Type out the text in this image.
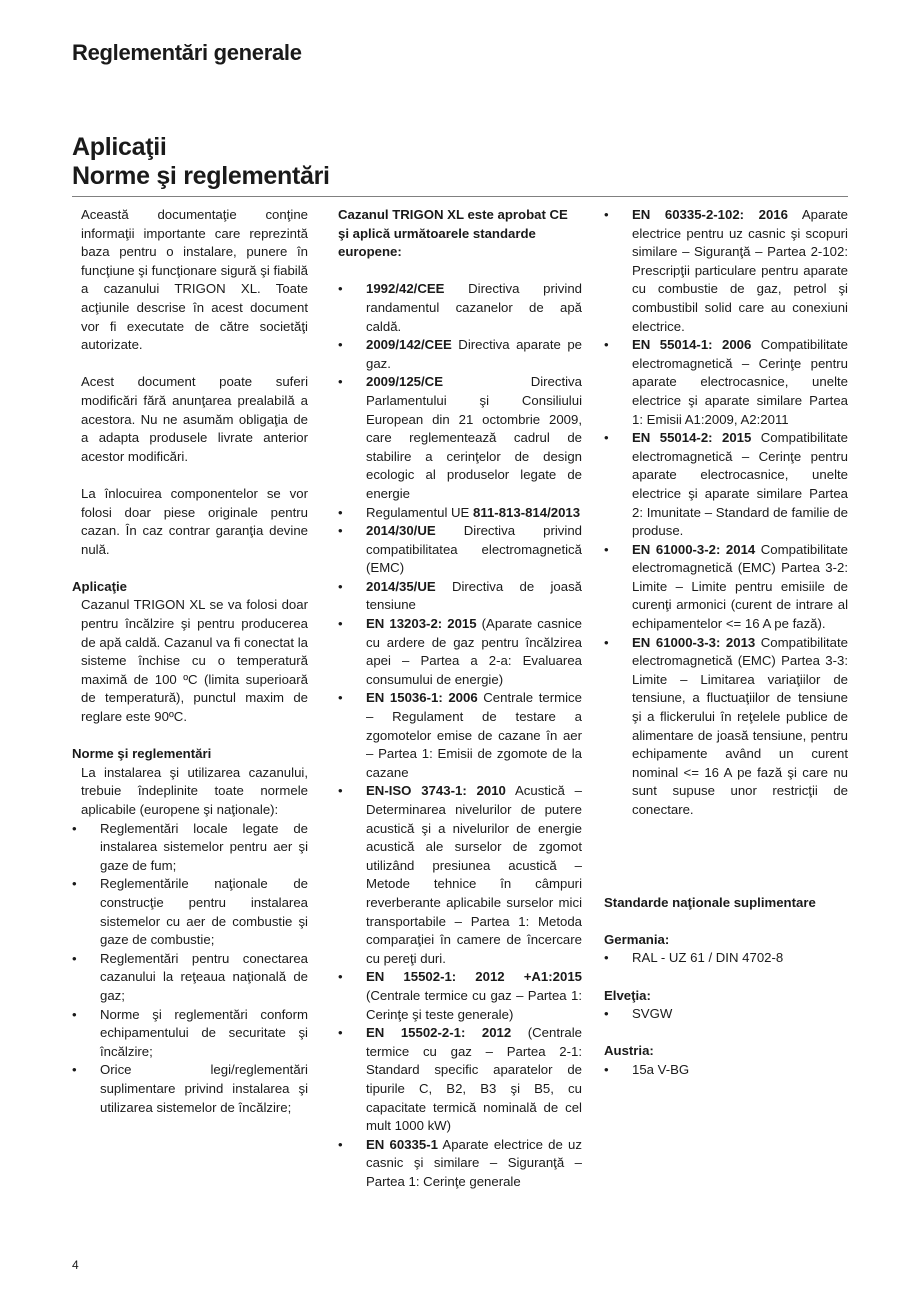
Reglementări generale
Aplicaţii
Norme şi reglementări

Această documentaţie conţine informaţii importante care reprezintă baza pentru o instalare, punere în funcţiune şi funcţionare sigură şi fiabilă a cazanului TRIGON XL. Toate acţiunile descrise în acest document vor fi executate de către societăţi autorizate.

Acest document poate suferi modificări fără anunţarea prealabilă a acestora. Nu ne asumăm obligaţia de a adapta produsele livrate anterior acestor modificări.

La înlocuirea componentelor se vor folosi doar piese originale pentru cazan. În caz contrar garanţia devine nulă.

Aplicaţie

Cazanul TRIGON XL se va folosi doar pentru încălzire şi pentru producerea de apă caldă. Cazanul va fi conectat la sisteme închise cu o temperatură maximă de 100 ºC (limita superioară de temperatură), punctul maxim de reglare este 90ºC.

Norme şi reglementări

La instalarea şi utilizarea cazanului, trebuie îndeplinite toate normele aplicabile (europene şi naţionale):

•	Reglementări locale legate de instalarea sistemelor pentru aer şi gaze de fum;
•	Reglementările naţionale de construcţie pentru instalarea sistemelor cu aer de combustie şi gaze de combustie;
•	Reglementări pentru conectarea cazanului la reţeaua naţională de gaz;
•	Norme şi reglementări conform echipamentului de securitate şi încălzire;
•	Orice legi/reglementări suplimentare privind instalarea şi utilizarea sistemelor de încălzire;

Cazanul TRIGON XL este aprobat CE şi aplică următoarele standarde europene:

•	1992/42/CEE Directiva privind randamentul cazanelor de apă caldă.
•	2009/142/CEE Directiva aparate pe gaz.
•	2009/125/CE Directiva Parlamentului şi Consiliului European din 21 octombrie 2009, care reglementează cadrul de stabilire a cerinţelor de design ecologic al produselor legate de energie
•	Regulamentul UE 811-813-814/2013
•	2014/30/UE Directiva privind compatibilitatea electromagnetică (EMC)
•	2014/35/UE Directiva de joasă tensiune
•	EN 13203-2: 2015 (Aparate casnice cu ardere de gaz pentru încălzirea apei – Partea a 2-a: Evaluarea consumului de energie)
•	EN 15036-1: 2006 Centrale termice – Regulament de testare a zgomotelor emise de cazane în aer – Partea 1: Emisii de zgomote de la cazane
•	EN-ISO 3743-1: 2010 Acustică – Determinarea nivelurilor de putere acustică şi a nivelurilor de energie acustică ale surselor de zgomot utilizând presiunea acustică – Metode tehnice în câmpuri reverberante aplicabile surselor mici transportabile – Partea 1: Metoda comparaţiei în camere de încercare cu pereţi duri.
•	EN 15502-1: 2012 +A1:2015 (Centrale termice cu gaz – Partea 1: Cerinţe şi teste generale)
•	EN 15502-2-1: 2012 (Centrale termice cu gaz – Partea 2-1: Standard specific aparatelor de tipurile C, B2, B3 şi B5, cu capacitate termică nominală de cel mult 1000 kW)
•	EN 60335-1 Aparate electrice de uz casnic şi similare – Siguranţă – Partea 1: Cerinţe generale
•	EN 60335-2-102: 2016 Aparate electrice pentru uz casnic şi scopuri similare – Siguranţă – Partea 2-102: Prescripţii particulare pentru aparate cu combustie de gaz, petrol şi combustibil solid care au conexiuni electrice.
•	EN 55014-1: 2006 Compatibilitate electromagnetică – Cerinţe pentru aparate electrocasnice, unelte electrice şi aparate similare Partea 1: Emisii A1:2009, A2:2011
•	EN 55014-2: 2015 Compatibilitate electromagnetică – Cerinţe pentru aparate electrocasnice, unelte electrice şi aparate similare Partea 2: Imunitate – Standard de familie de produse.
•	EN 61000-3-2: 2014 Compatibilitate electromagnetică (EMC) Partea 3-2: Limite – Limite pentru emisiile de curenţi armonici (curent de intrare al echipamentelor <= 16 A pe fază).
•	EN 61000-3-3: 2013 Compatibilitate electromagnetică (EMC) Partea 3-3: Limite – Limitarea variaţiilor de tensiune, a fluctuaţiilor de tensiune şi a flickerului în reţelele publice de alimentare de joasă tensiune, pentru echipamente având un curent nominal <= 16 A pe fază şi care nu sunt supuse unor restricţii de conectare.

Standarde naţionale suplimentare

Germania:

•	RAL - UZ 61 / DIN 4702-8

Elveţia:

•	SVGW

Austria:

•	15a V-BG
4
